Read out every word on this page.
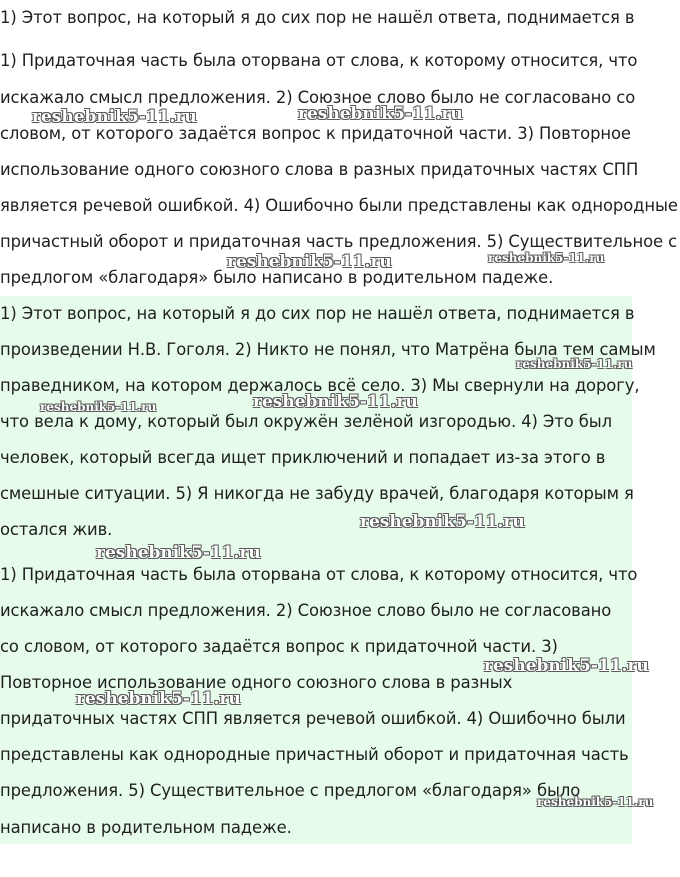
1) Этот вопрос, на который я до сих пор не нашёл ответа, поднимается в
1) Придаточная часть была оторвана от слова, к которому относится, что
искажало смысл предложения. 2) Союзное слово было не согласовано со
словом, от которого задаётся вопрос к придаточной части. 3) Повторное
использование одного союзного слова в разных придаточных частях СПП
является речевой ошибкой. 4) Ошибочно были представлены как однородные
причастный оборот и придаточная часть предложения. 5) Существительное с
предлогом «благодаря» было написано в родительном падеже.
1) Этот вопрос, на который я до сих пор не нашёл ответа, поднимается в
произведении Н.В. Гоголя. 2) Никто не понял, что Матрёна была тем самым
праведником, на котором держалось всё село. 3) Мы свернули на дорогу,
что вела к дому, который был окружён зелёной изгородью. 4) Это был
человек, который всегда ищет приключений и попадает из-за этого в
смешные ситуации. 5) Я никогда не забуду врачей, благодаря которым я
остался жив.
1) Придаточная часть была оторвана от слова, к которому относится, что
искажало смысл предложения. 2) Союзное слово было не согласовано
со словом, от которого задаётся вопрос к придаточной части. 3)
Повторное использование одного союзного слова в разных
придаточных частях СПП является речевой ошибкой. 4) Ошибочно были
представлены как однородные причастный оборот и придаточная часть
предложения. 5) Существительное с предлогом «благодаря» было
написано в родительном падеже.
reshebnik5-11.ru	reshebnik5-11.ru
reshebnik5-11.ru	reshebnik5-11.ru
reshebnik5-11.ru
reshebnik5-11.ru
reshebnik5-11.ru
reshebnik5-11.ru
reshebnik5-11.ru
reshebnik5-11.ru
reshebnik5-11.ru
reshebnik5-11.ru
